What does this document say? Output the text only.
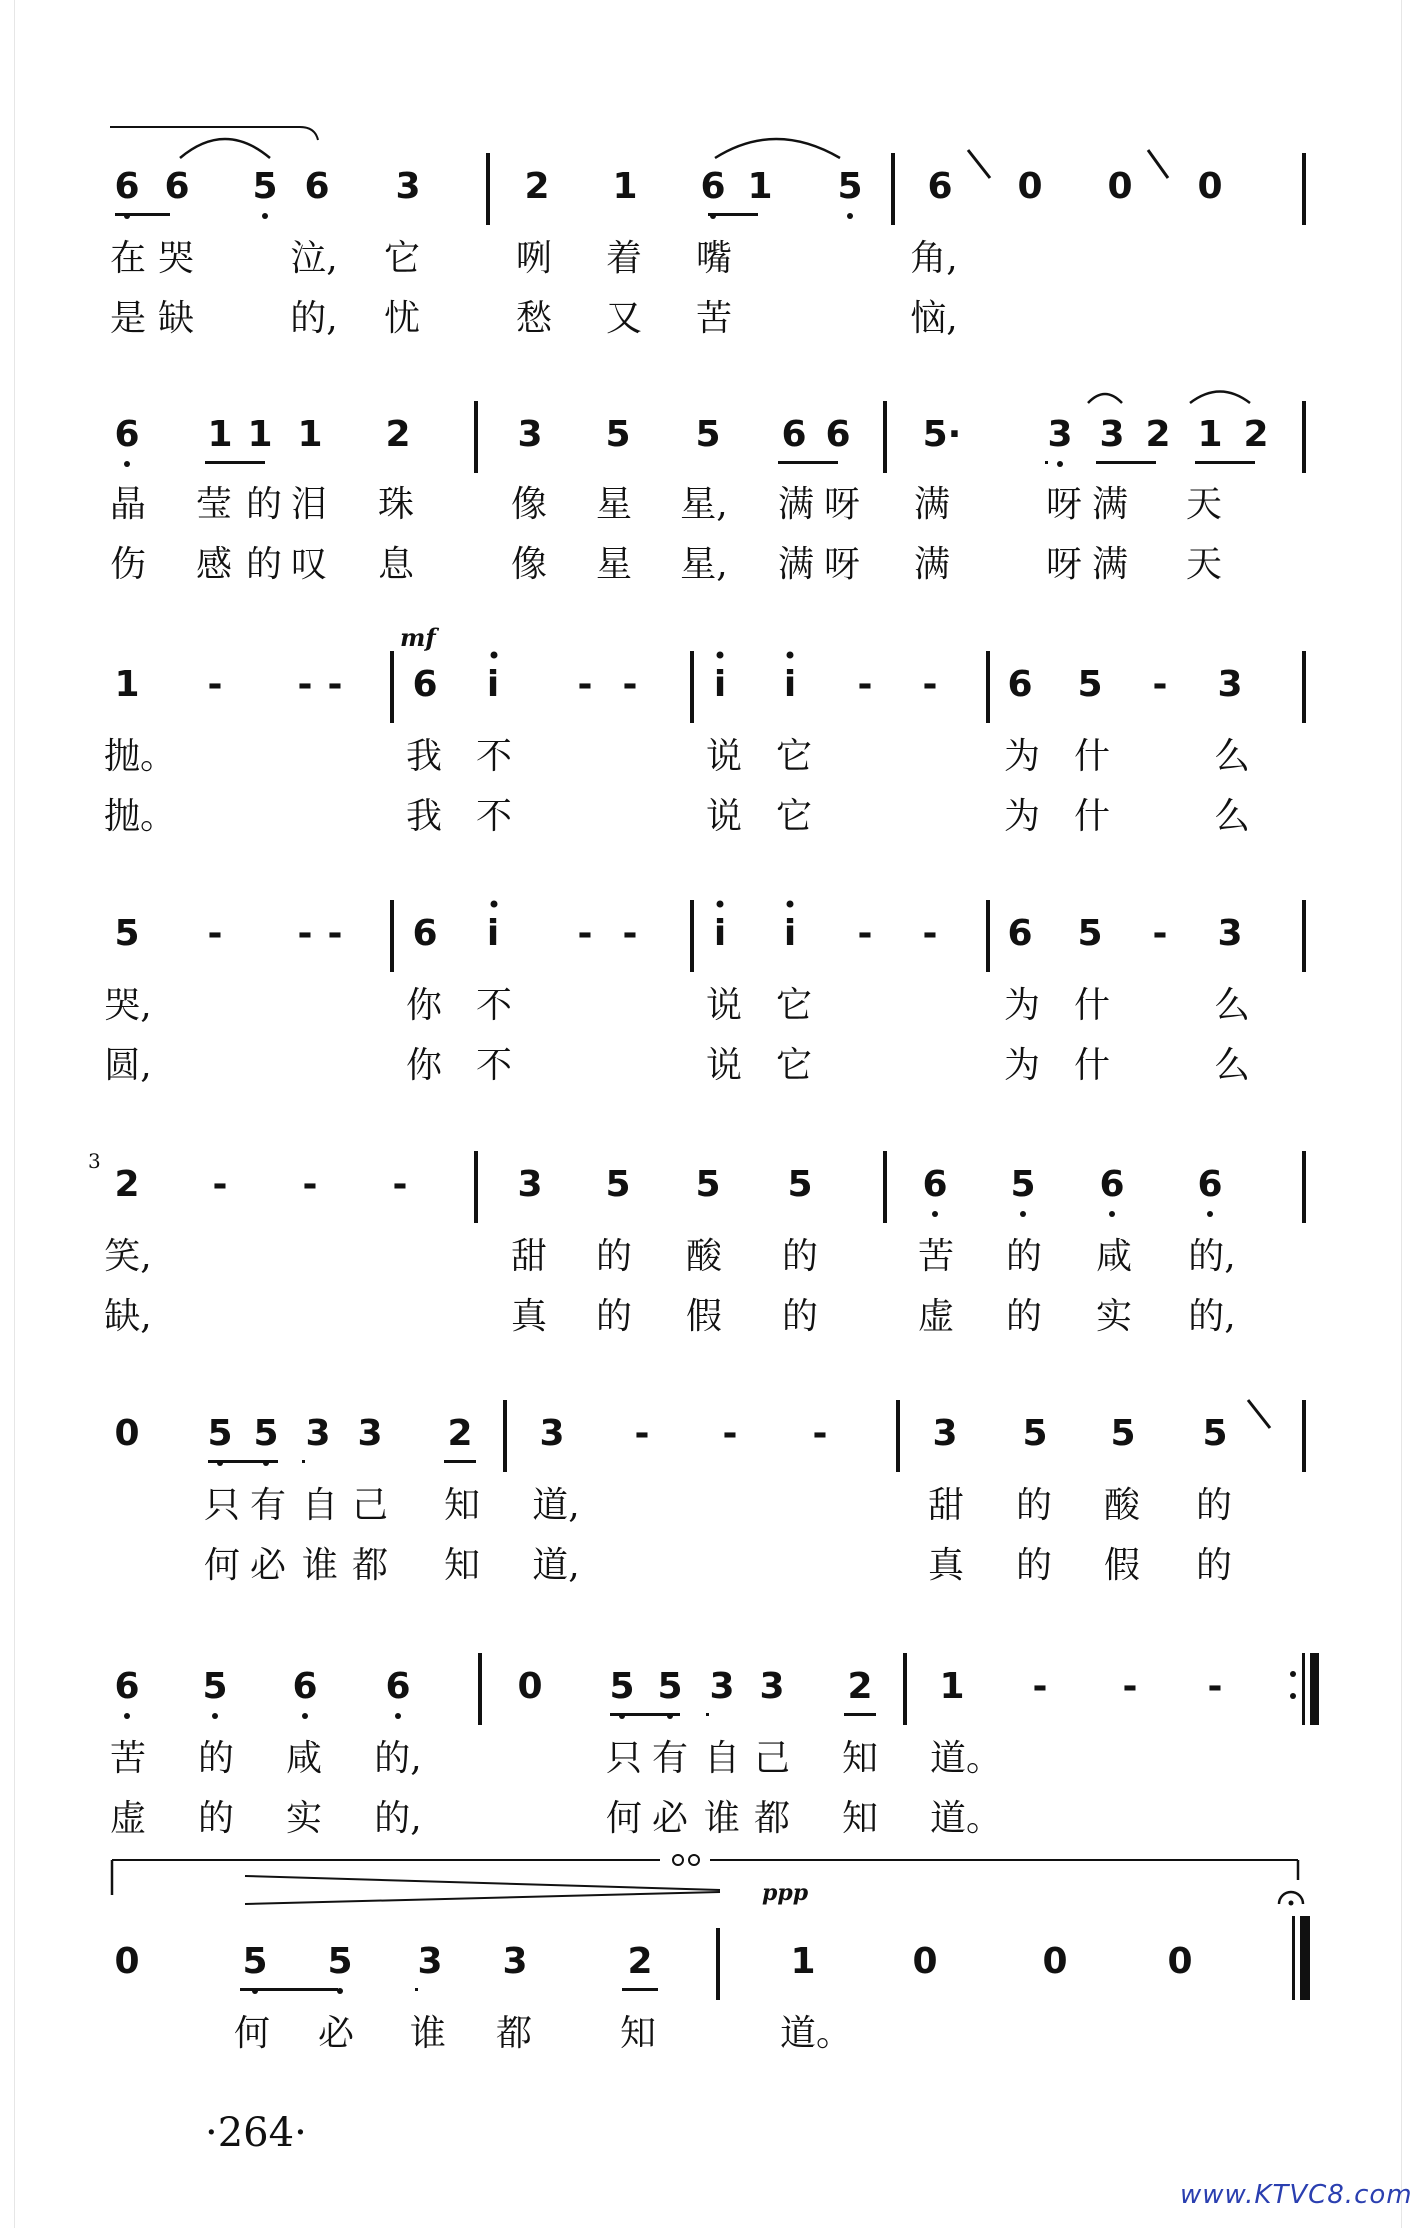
6 6	5 6	3	2	1	6 1	5	6	0	0	0
在 哭	泣, 它	咧 着 嘴	角,
是 缺	的, 忧	愁 又 苦	恼,
6	1 1 1	2	3	5	5	6 6	5·	3 3 2 1 2
晶 莹 的 泪 珠	像 星 星, 满 呀 满	呀 满 天
伤 感 的 叹 息	像 星 星, 满 呀 满	呀 满 天
mf
1	-	- -	6	i	- -	i	i	-	-	6	5	-	3
抛。	我 不	说 它	为 什	么
抛。	我 不	说 它	为 什	么
5	-	- -	6	i	- -	i	i	-	-	6	5	-	3
哭,	你 不	说 它	为 什	么
圆,	你 不	说 它	为 什	么
3
2	-	-	-	3	5	5	5	6	5	6	6
笑,	甜 的 酸 的	苦 的 咸 的,
缺,	真 的 假 的	虚 的 实 的,
0	5 5 3 3	2	3	-	-	-	3	5	5	5
只 有 自 己 知 道,	甜 的 酸 的
何 必 谁 都 知 道,	真 的 假 的
6	5	6	6	0	5 5 3 3	2	1	-	-	-
苦 的 咸 的,	只 有 自 己 知 道。
虚 的 实 的,	何 必 谁 都 知 道。
ppp
0	5	5	3	3	2	1	0	0	0
何 必 谁 都 知	道。
·264·
www.KTVC8.com
